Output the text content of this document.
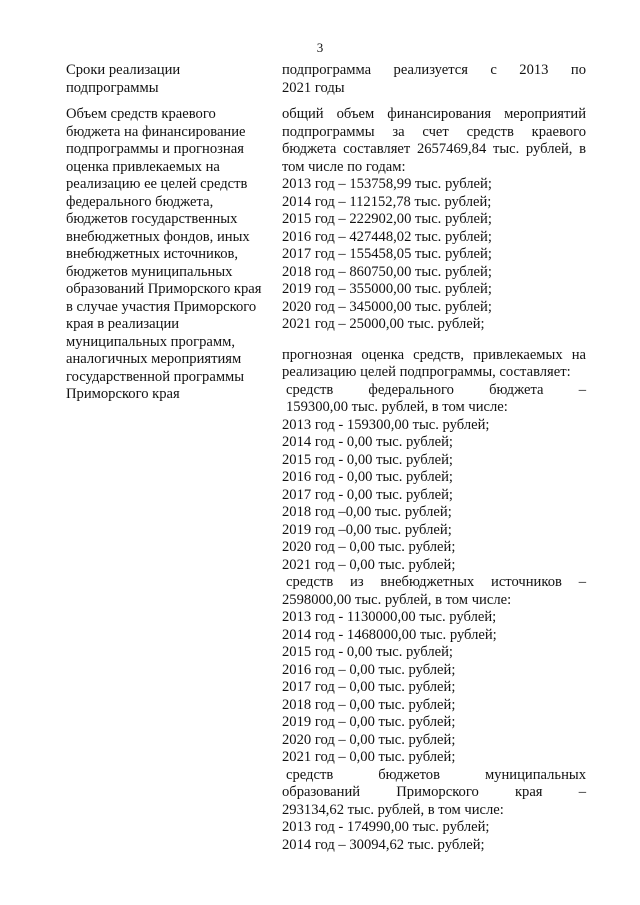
3
Сроки реализации
подпрограммы
подпрограмма реализуется с 2013 по
2021 годы
Объем средств краевого
бюджета на финансирование
подпрограммы и прогнозная
оценка привлекаемых на
реализацию ее целей средств
федерального бюджета,
бюджетов государственных
внебюджетных фондов, иных
внебюджетных источников,
бюджетов муниципальных
образований Приморского края
в случае участия Приморского
края в реализации
муниципальных программ,
аналогичных мероприятиям
государственной программы
Приморского края
общий объем финансирования мероприятий
подпрограммы за счет средств краевого
бюджета составляет 2657469,84 тыс. рублей, в
том числе по годам:
2013 год – 153758,99 тыс. рублей;
2014 год – 112152,78 тыс. рублей;
2015 год – 222902,00 тыс. рублей;
2016 год – 427448,02 тыс. рублей;
2017 год – 155458,05 тыс. рублей;
2018 год – 860750,00 тыс. рублей;
2019 год – 355000,00 тыс. рублей;
2020 год – 345000,00 тыс. рублей;
2021 год – 25000,00 тыс. рублей;
прогнозная оценка средств, привлекаемых на
реализацию целей подпрограммы, составляет:
средств федерального бюджета –
159300,00 тыс. рублей, в том числе:
2013 год - 159300,00 тыс. рублей;
2014 год - 0,00 тыс. рублей;
2015 год - 0,00 тыс. рублей;
2016 год - 0,00 тыс. рублей;
2017 год - 0,00 тыс. рублей;
2018 год –0,00 тыс. рублей;
2019 год –0,00 тыс. рублей;
2020 год – 0,00 тыс. рублей;
2021 год – 0,00 тыс. рублей;
средств из внебюджетных источников –
2598000,00 тыс. рублей, в том числе:
2013 год - 1130000,00 тыс. рублей;
2014 год - 1468000,00 тыс. рублей;
2015 год - 0,00 тыс. рублей;
2016 год – 0,00 тыс. рублей;
2017 год – 0,00 тыс. рублей;
2018 год – 0,00 тыс. рублей;
2019 год – 0,00 тыс. рублей;
2020 год – 0,00 тыс. рублей;
2021 год – 0,00 тыс. рублей;
средств бюджетов муниципальных
образований Приморского края –
293134,62 тыс. рублей, в том числе:
2013 год - 174990,00 тыс. рублей;
2014 год – 30094,62 тыс. рублей;
